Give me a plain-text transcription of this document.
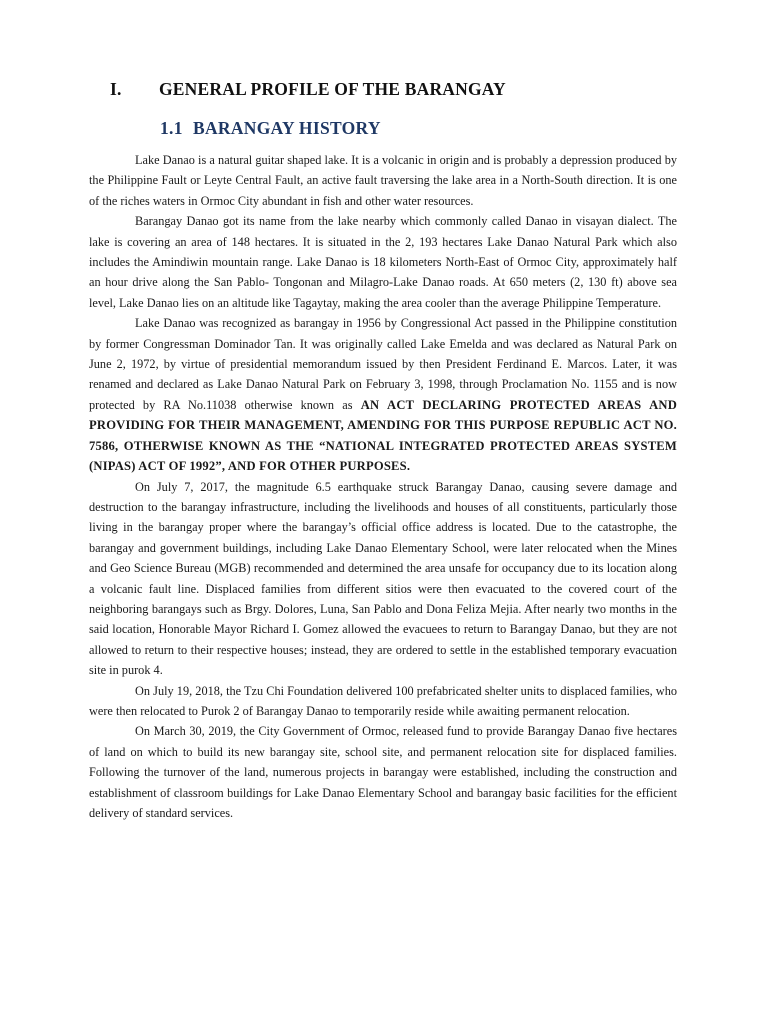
I. GENERAL PROFILE OF THE BARANGAY
1.1 BARANGAY HISTORY

Lake Danao is a natural guitar shaped lake. It is a volcanic in origin and is probably a depression produced by the Philippine Fault or Leyte Central Fault, an active fault traversing the lake area in a North-South direction. It is one of the riches waters in Ormoc City abundant in fish and other water resources.

Barangay Danao got its name from the lake nearby which commonly called Danao in visayan dialect. The lake is covering an area of 148 hectares. It is situated in the 2, 193 hectares Lake Danao Natural Park which also includes the Amindiwin mountain range. Lake Danao is 18 kilometers North-East of Ormoc City, approximately half an hour drive along the San Pablo- Tongonan and Milagro-Lake Danao roads. At 650 meters (2, 130 ft) above sea level, Lake Danao lies on an altitude like Tagaytay, making the area cooler than the average Philippine Temperature.

Lake Danao was recognized as barangay in 1956 by Congressional Act passed in the Philippine constitution by former Congressman Dominador Tan. It was originally called Lake Emelda and was declared as Natural Park on June 2, 1972, by virtue of presidential memorandum issued by then President Ferdinand E. Marcos. Later, it was renamed and declared as Lake Danao Natural Park on February 3, 1998, through Proclamation No. 1155 and is now protected by RA No.11038 otherwise known as AN ACT DECLARING PROTECTED AREAS AND PROVIDING FOR THEIR MANAGEMENT, AMENDING FOR THIS PURPOSE REPUBLIC ACT NO. 7586, OTHERWISE KNOWN AS THE “NATIONAL INTEGRATED PROTECTED AREAS SYSTEM (NIPAS) ACT OF 1992”, AND FOR OTHER PURPOSES.

On July 7, 2017, the magnitude 6.5 earthquake struck Barangay Danao, causing severe damage and destruction to the barangay infrastructure, including the livelihoods and houses of all constituents, particularly those living in the barangay proper where the barangay’s official office address is located. Due to the catastrophe, the barangay and government buildings, including Lake Danao Elementary School, were later relocated when the Mines and Geo Science Bureau (MGB) recommended and determined the area unsafe for occupancy due to its location along a volcanic fault line. Displaced families from different sitios were then evacuated to the covered court of the neighboring barangays such as Brgy. Dolores, Luna, San Pablo and Dona Feliza Mejia. After nearly two months in the said location, Honorable Mayor Richard I. Gomez allowed the evacuees to return to Barangay Danao, but they are not allowed to return to their respective houses; instead, they are ordered to settle in the established temporary evacuation site in purok 4.

On July 19, 2018, the Tzu Chi Foundation delivered 100 prefabricated shelter units to displaced families, who were then relocated to Purok 2 of Barangay Danao to temporarily reside while awaiting permanent relocation.

On March 30, 2019, the City Government of Ormoc, released fund to provide Barangay Danao five hectares of land on which to build its new barangay site, school site, and permanent relocation site for displaced families. Following the turnover of the land, numerous projects in barangay were established, including the construction and establishment of classroom buildings for Lake Danao Elementary School and barangay basic facilities for the efficient delivery of standard services.
